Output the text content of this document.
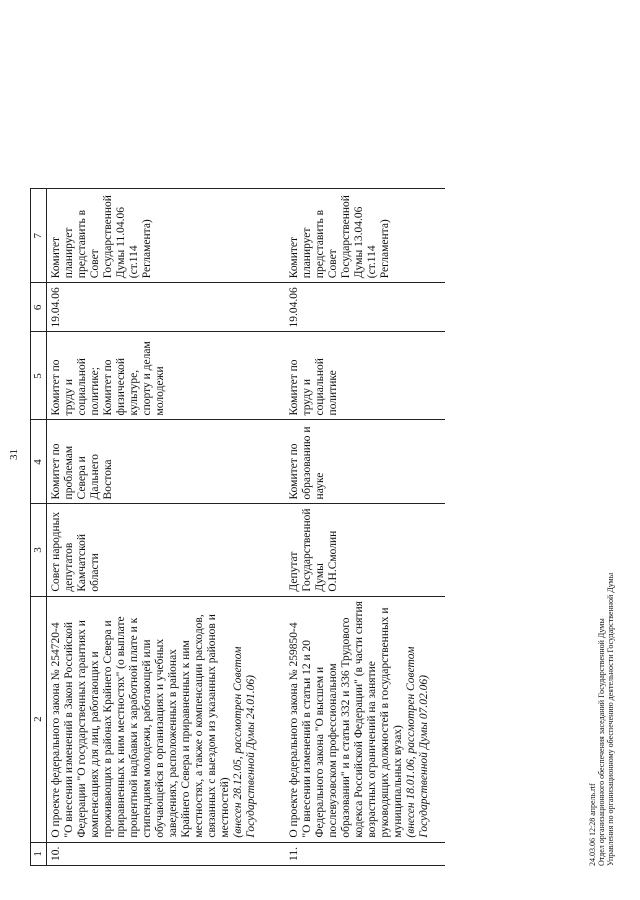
31
1	2	3	4	5	6	7
10.	О проекте федерального закона № 254720-4 "О внесении изменений в Закон Российской Федерации "О государственных гарантиях и компенсациях для лиц, работающих и проживающих в районах Крайнего Севера и приравненных к ним местностях" (о выплате процентной надбавки к заработной плате и к стипендиям молодежи, работающей или обучающейся в организациях и учебных заведениях, расположенных в районах Крайнего Севера и приравненных к ним местностях, а также о компенсации расходов, связанных с выездом из указанных районов и местностей) (внесен 28.12.05, рассмотрен Советом Государственной Думы 24.01.06)	Совет народных депутатов Камчатской области	Комитет по проблемам Севера и Дальнего Востока	Комитет по труду и социальной политике; Комитет по физической культуре, спорту и делам молодежи	19.04.06	Комитет планирует представить в Совет Государственной Думы 11.04.06 (ст.114 Регламента)
11.	О проекте федерального закона № 259850-4 "О внесении изменений в статьи 12 и 20 Федерального закона "О высшем и послевузовском профессиональном образовании" и в статьи 332 и 336 Трудового кодекса Российской Федерации" (в части снятия возрастных ограничений на занятие руководящих должностей в государственных и муниципальных вузах) (внесен 18.01.06, рассмотрен Советом Государственной Думы 07.02.06)	Депутат Государственной Думы О.Н.Смолин	Комитет по образованию и науке	Комитет по труду и социальной политике	19.04.06	Комитет планирует представить в Совет Государственной Думы 13.04.06 (ст.114 Регламента)
24.03.06 12:28 апрель.rtf Отдел организационного обеспечения заседаний Государственной Думы Управления по организационному обеспечению деятельности Государственной Думы
